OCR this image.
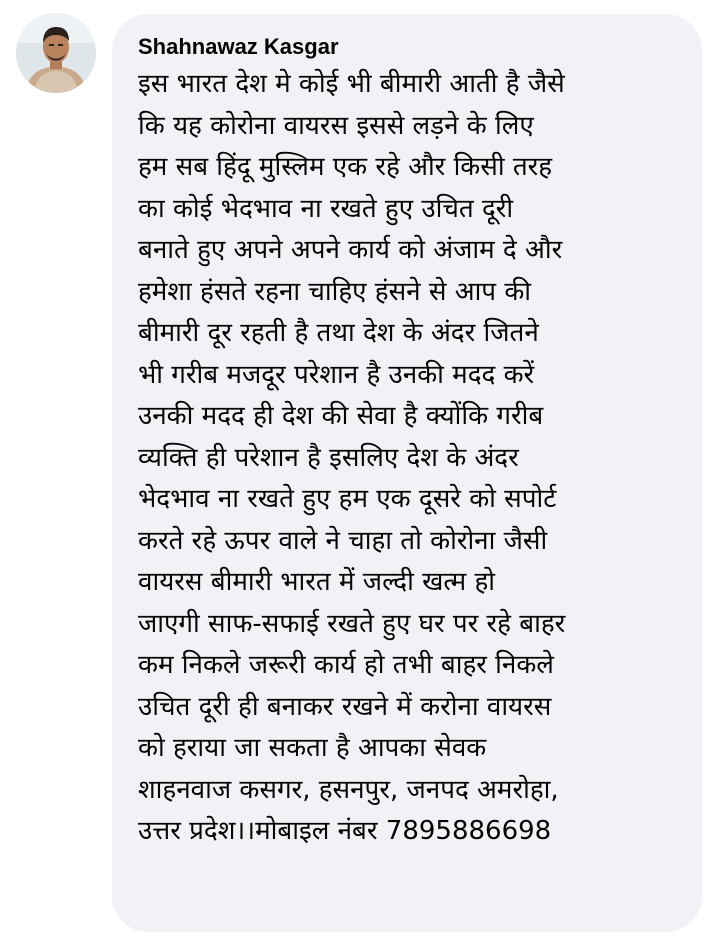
Shahnawaz Kasgar
इस भारत देश मे कोई भी बीमारी आती है जैसे
कि यह कोरोना वायरस इससे लड़ने के लिए
हम सब हिंदू मुस्लिम एक रहे और किसी तरह
का कोई भेदभाव ना रखते हुए उचित दूरी
बनाते हुए अपने अपने कार्य को अंजाम दे और
हमेशा हंसते रहना चाहिए हंसने से आप की
बीमारी दूर रहती है तथा देश के अंदर जितने
भी गरीब मजदूर परेशान है उनकी मदद करें
उनकी मदद ही देश की सेवा है क्योंकि गरीब
व्यक्ति ही परेशान है इसलिए देश के अंदर
भेदभाव ना रखते हुए हम एक दूसरे को सपोर्ट
करते रहे ऊपर वाले ने चाहा तो कोरोना जैसी
वायरस बीमारी भारत में जल्दी खत्म हो
जाएगी साफ-सफाई रखते हुए घर पर रहे बाहर
कम निकले जरूरी कार्य हो तभी बाहर निकले
उचित दूरी ही बनाकर रखने में करोना वायरस
को हराया जा सकता है आपका सेवक
शाहनवाज कसगर, हसनपुर, जनपद अमरोहा,
उत्तर प्रदेश।।मोबाइल नंबर 7895886698
